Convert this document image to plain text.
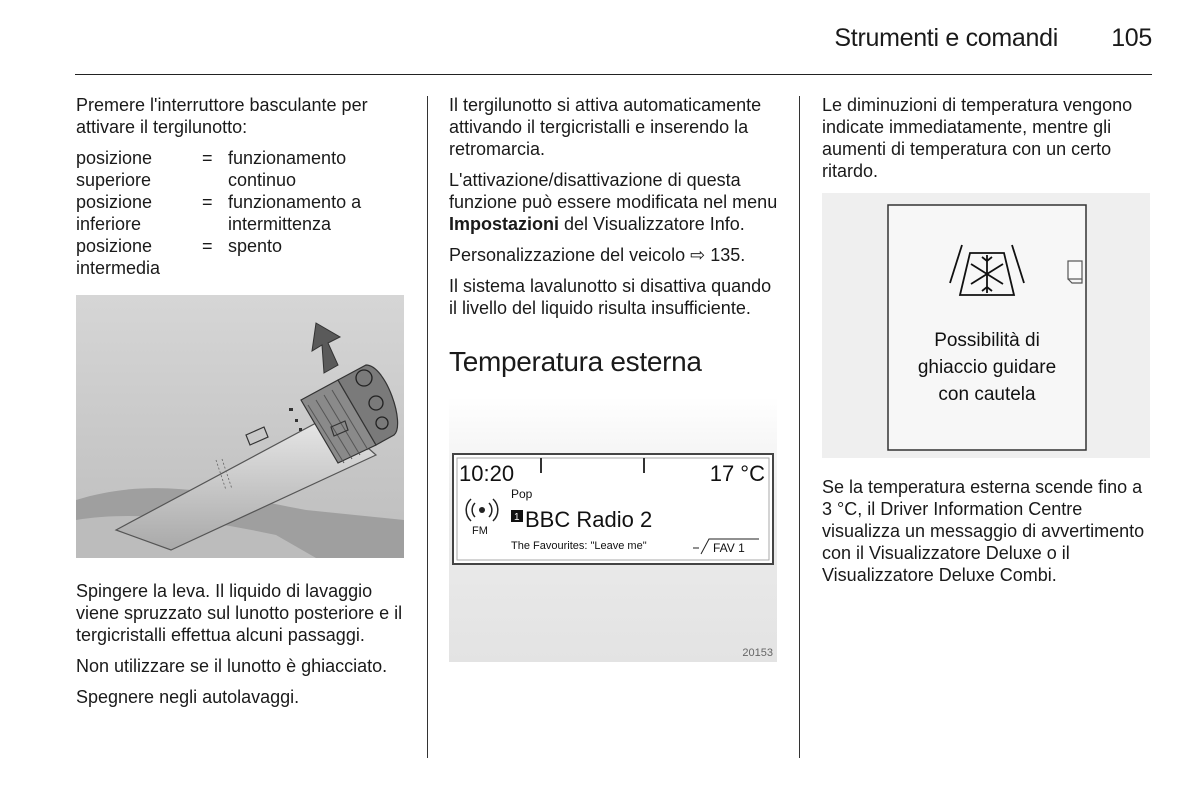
Strumenti e comandi	105

Premere l'interruttore basculante per attivare il tergilunotto:

posizione superiore
= funzionamento continuo
posizione inferiore
= funzionamento a intermittenza
posizione intermedia
= spento

Spingere la leva. Il liquido di lavaggio viene spruzzato sul lunotto posteriore e il tergicristalli effettua alcuni passaggi.

Non utilizzare se il lunotto è ghiacciato.

Spegnere negli autolavaggi.

Il tergilunotto si attiva automaticamente attivando il tergicristalli e inserendo la retromarcia.

L'attivazione/disattivazione di questa funzione può essere modificata nel menu Impostazioni del Visualizzatore Info.

Personalizzazione del veicolo ⇨ 135.

Il sistema lavalunotto si disattiva quando il livello del liquido risulta insufficiente.

Temperatura esterna
10:20	17 °C
Pop
FM
1 BBC Radio 2
The Favourites: "Leave me"	FAV 1
20153

Le diminuzioni di temperatura vengono indicate immediatamente, mentre gli aumenti di temperatura con un certo ritardo.

Possibilità di
ghiaccio guidare
con cautela

Se la temperatura esterna scende fino a 3 °C, il Driver Information Centre visualizza un messaggio di avvertimento con il Visualizzatore Deluxe o il Visualizzatore Deluxe Combi.
